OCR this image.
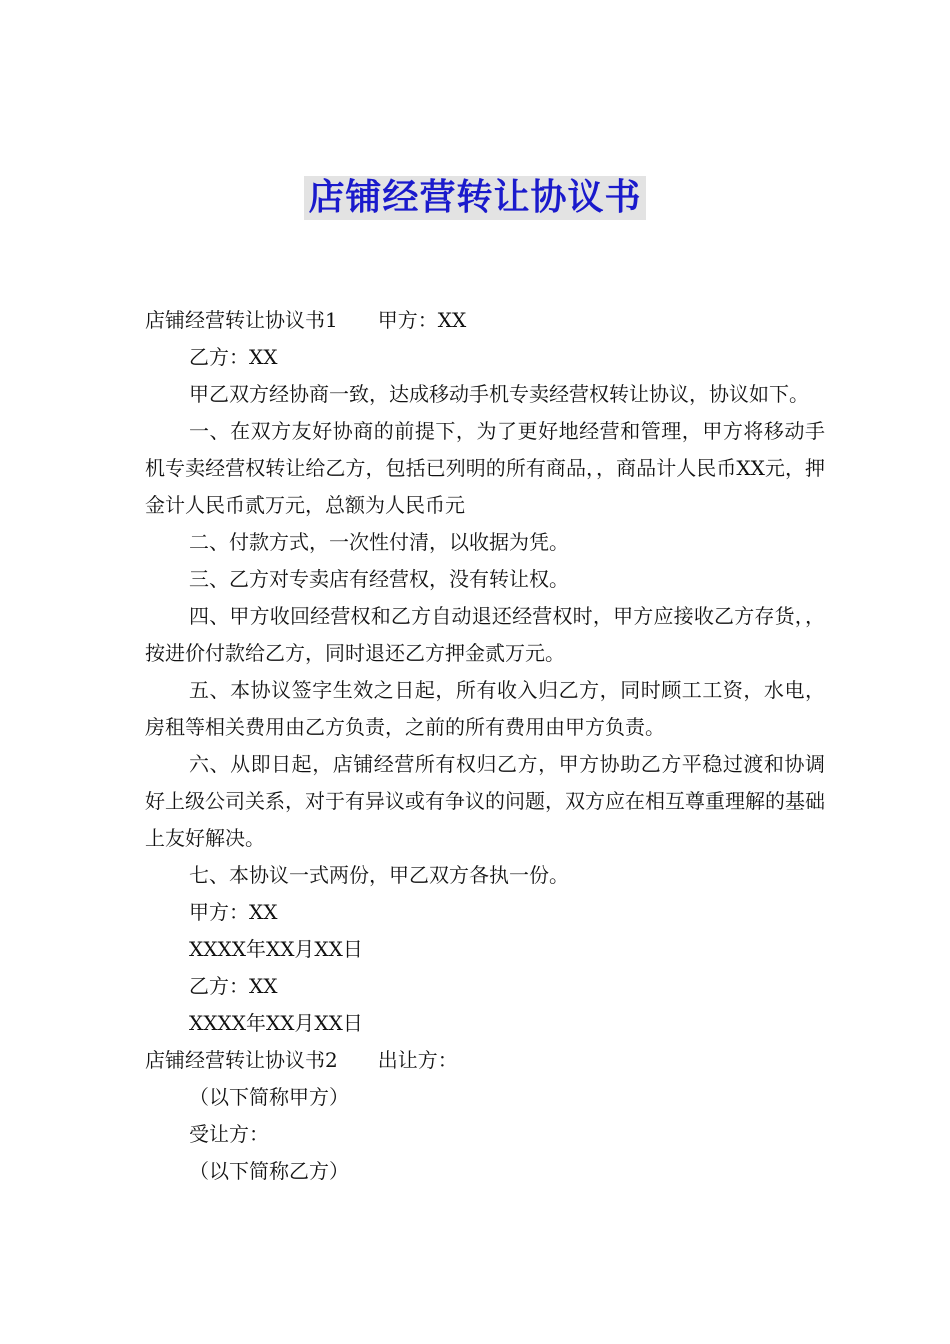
店铺经营转让协议书

店铺经营转让协议书1　　甲方：XX

乙方：XX

甲乙双方经协商一致，达成移动手机专卖经营权转让协议，协议如下。

一、在双方友好协商的前提下，为了更好地经营和管理，甲方将移动手机专卖经营权转让给乙方，包括已列明的所有商品，，商品计人民币XX元，押金计人民币贰万元，总额为人民币元

二、付款方式，一次性付清，以收据为凭。

三、乙方对专卖店有经营权，没有转让权。

四、甲方收回经营权和乙方自动退还经营权时，甲方应接收乙方存货，，按进价付款给乙方，同时退还乙方押金贰万元。

五、本协议签字生效之日起，所有收入归乙方，同时顾工工资，水电，房租等相关费用由乙方负责，之前的所有费用由甲方负责。

六、从即日起，店铺经营所有权归乙方，甲方协助乙方平稳过渡和协调好上级公司关系，对于有异议或有争议的问题，双方应在相互尊重理解的基础上友好解决。

七、本协议一式两份，甲乙双方各执一份。

甲方：XX

XXXX年XX月XX日

乙方：XX

XXXX年XX月XX日

店铺经营转让协议书2　　出让方：

（以下简称甲方）

受让方：

（以下简称乙方）
